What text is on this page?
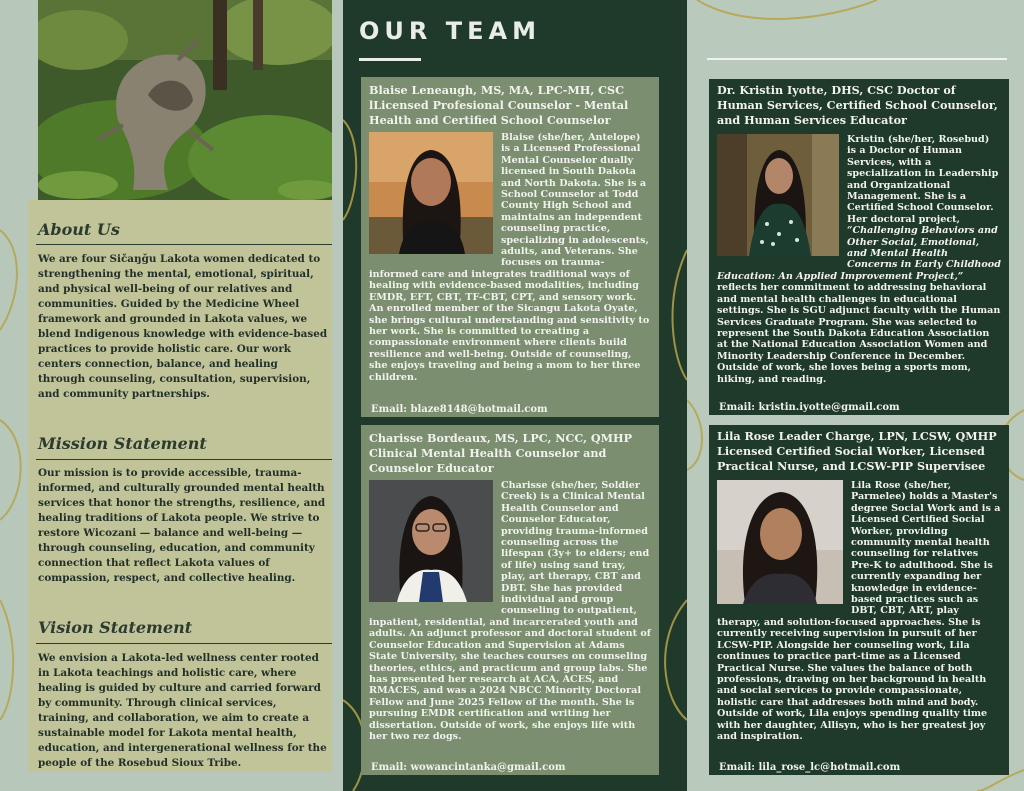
About Us

We are four Sičaŋǧu Lakota women dedicated to strengthening the mental, emotional, spiritual, and physical well-being of our relatives and communities. Guided by the Medicine Wheel framework and grounded in Lakota values, we blend Indigenous knowledge with evidence-based practices to provide holistic care. Our work centers connection, balance, and healing through counseling, consultation, supervision, and community partnerships.

Mission Statement

Our mission is to provide accessible, trauma-informed, and culturally grounded mental health services that honor the strengths, resilience, and healing traditions of Lakota people. We strive to restore Wicozani — balance and well-being — through counseling, education, and community connection that reflect Lakota values of compassion, respect, and collective healing.

Vision Statement

We envision a Lakota-led wellness center rooted in Lakota teachings and holistic care, where healing is guided by culture and carried forward by community. Through clinical services, training, and collaboration, we aim to create a sustainable model for Lakota mental health, education, and intergenerational wellness for the people of the Rosebud Sioux Tribe.

OUR TEAM
Blaise Leneaugh, MS, MA, LPC-MH, CSC lLicensed Profesional Counselor - Mental Health and Certified School Counselor

Blaise (she/her, Antelope) is a Licensed Professional Mental Counselor dually licensed in South Dakota and North Dakota. She is a School Counselor at Todd County High School and maintains an independent counseling practice, specializing in adolescents, adults, and Veterans. She focuses on trauma-informed care and integrates traditional ways of healing with evidence-based modalities, including EMDR, EFT, CBT, TF-CBT, CPT, and sensory work. An enrolled member of the Sicangu Lakota Oyate, she brings cultural understanding and sensitivity to her work. She is committed to creating a compassionate environment where clients build resilience and well-being. Outside of counseling, she enjoys traveling and being a mom to her three children.

Email: blaze8148@hotmail.com
Charisse Bordeaux, MS, LPC, NCC, QMHP Clinical Mental Health Counselor and Counselor Educator

Charisse (she/her, Soldier Creek) is a Clinical Mental Health Counselor and Counselor Educator, providing trauma-informed counseling across the lifespan (3y+ to elders; end of life) using sand tray, play, art therapy, CBT and DBT. She has provided individual and group counseling to outpatient, inpatient, residential, and incarcerated youth and adults. An adjunct professor and doctoral student of Counselor Education and Supervision at Adams State University, she teaches courses on counseling theories, ethics, and practicum and group labs. She has presented her research at ACA, ACES, and RMACES, and was a 2024 NBCC Minority Doctoral Fellow and June 2025 Fellow of the month. She is pursuing EMDR certification and writing her dissertation. Outside of work, she enjoys life with her two rez dogs.

Email: wowancintanka@gmail.com
Dr. Kristin Iyotte, DHS, CSC Doctor of Human Services, Certified School Counselor, and Human Services Educator

Kristin (she/her, Rosebud) is a Doctor of Human Services, with a specialization in Leadership and Organizational Management. She is a Certified School Counselor. Her doctoral project, “Challenging Behaviors and Other Social, Emotional, and Mental Health Concerns in Early Childhood Education: An Applied Improvement Project,” reflects her commitment to addressing behavioral and mental health challenges in educational settings. She is SGU adjunct faculty with the Human Services Graduate Program. She was selected to represent the South Dakota Education Association at the National Education Association Women and Minority Leadership Conference in December. Outside of work, she loves being a sports mom, hiking, and reading.

Email: kristin.iyotte@gmail.com
Lila Rose Leader Charge, LPN, LCSW, QMHP Licensed Certified Social Worker, Licensed Practical Nurse, and LCSW-PIP Supervisee

Lila Rose (she/her, Parmelee) holds a Master's degree Social Work and is a Licensed Certified Social Worker, providing community mental health counseling for relatives Pre-K to adulthood. She is currently expanding her knowledge in evidence-based practices such as DBT, CBT, ART, play therapy, and solution-focused approaches. She is currently receiving supervision in pursuit of her LCSW-PIP. Alongside her counseling work, Lila continues to practice part-time as a Licensed Practical Nurse. She values the balance of both professions, drawing on her background in health and social services to provide compassionate, holistic care that addresses both mind and body. Outside of work, Lila enjoys spending quality time with her daughter, Allisyn, who is her greatest joy and inspiration.

Email: lila_rose_lc@hotmail.com
